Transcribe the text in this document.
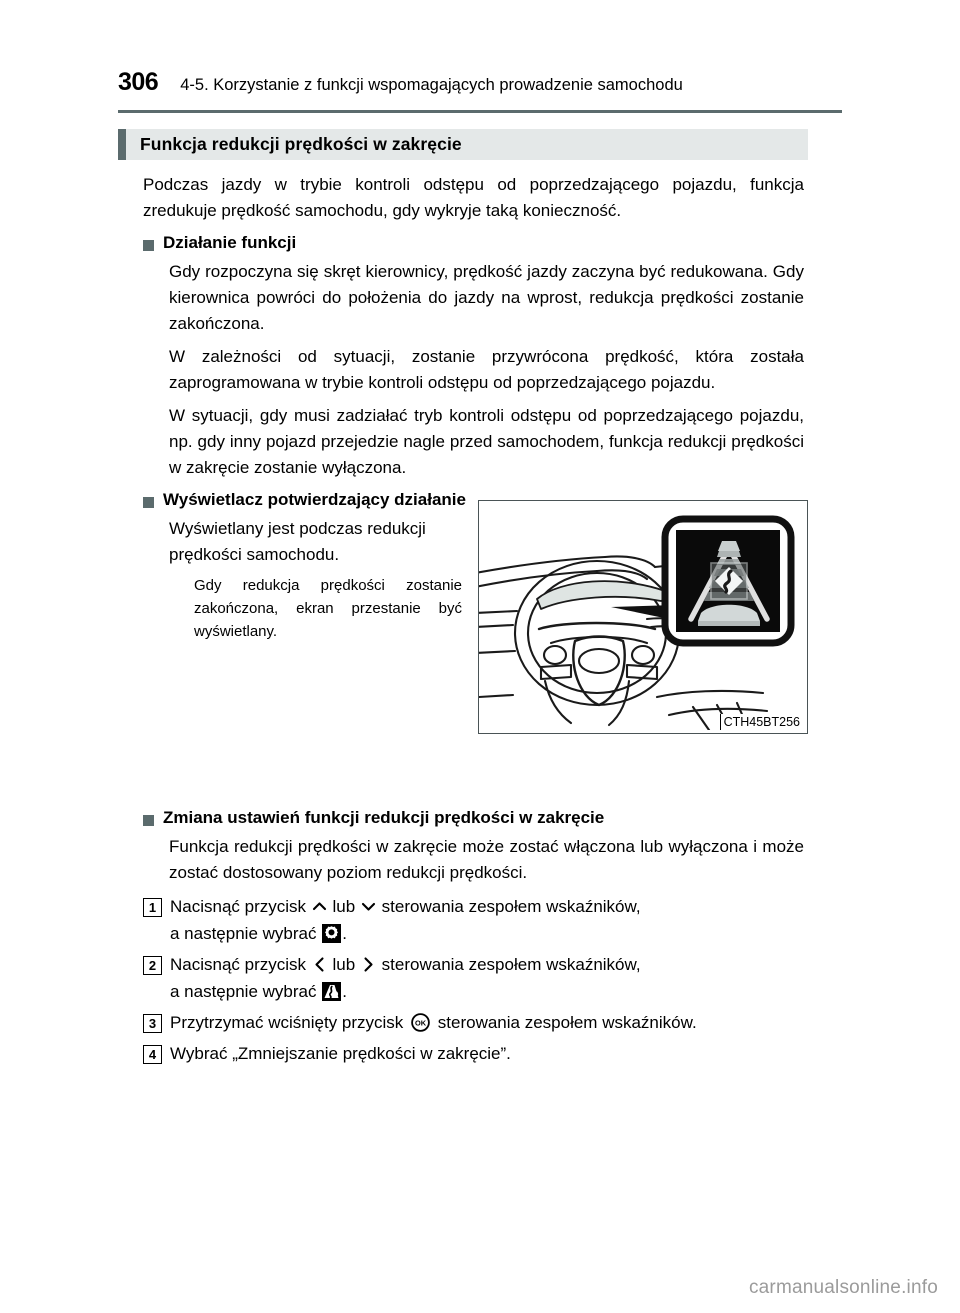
306 4-5. Korzystanie z funkcji wspomagających prowadzenie samochodu
Funkcja redukcji prędkości w zakręcie

Podczas jazdy w trybie kontroli odstępu od poprzedzającego pojazdu, funkcja zredukuje prędkość samochodu, gdy wykryje taką konieczność.

Działanie funkcji

Gdy rozpoczyna się skręt kierownicy, prędkość jazdy zaczyna być redukowana. Gdy kierownica powróci do położenia do jazdy na wprost, redukcja prędkości zostanie zakończona.

W zależności od sytuacji, zostanie przywrócona prędkość, która została zaprogramowana w trybie kontroli odstępu od poprzedzającego pojazdu.

W sytuacji, gdy musi zadziałać tryb kontroli odstępu od poprzedzającego pojazdu, np. gdy inny pojazd przejedzie nagle przed samochodem, funkcja redukcji prędkości w zakręcie zostanie wyłączona.

Wyświetlacz potwierdzający działanie

Wyświetlany jest podczas redukcji prędkości samochodu.

Gdy redukcja prędkości zostanie zakończona, ekran przestanie być wyświetlany.

CTH45BT256
Zmiana ustawień funkcji redukcji prędkości w zakręcie

Funkcja redukcji prędkości w zakręcie może zostać włączona lub wyłączona i może zostać dostosowany poziom redukcji prędkości.

1 Nacisnąć przycisk lub sterowania zespołem wskaźników,
a następnie wybrać .
2 Nacisnąć przycisk lub sterowania zespołem wskaźników,
a następnie wybrać .
3 Przytrzymać wciśnięty przycisk OK sterowania zespołem wskaźników.
4 Wybrać „Zmniejszanie prędkości w zakręcie”.
carmanualsonline.info
